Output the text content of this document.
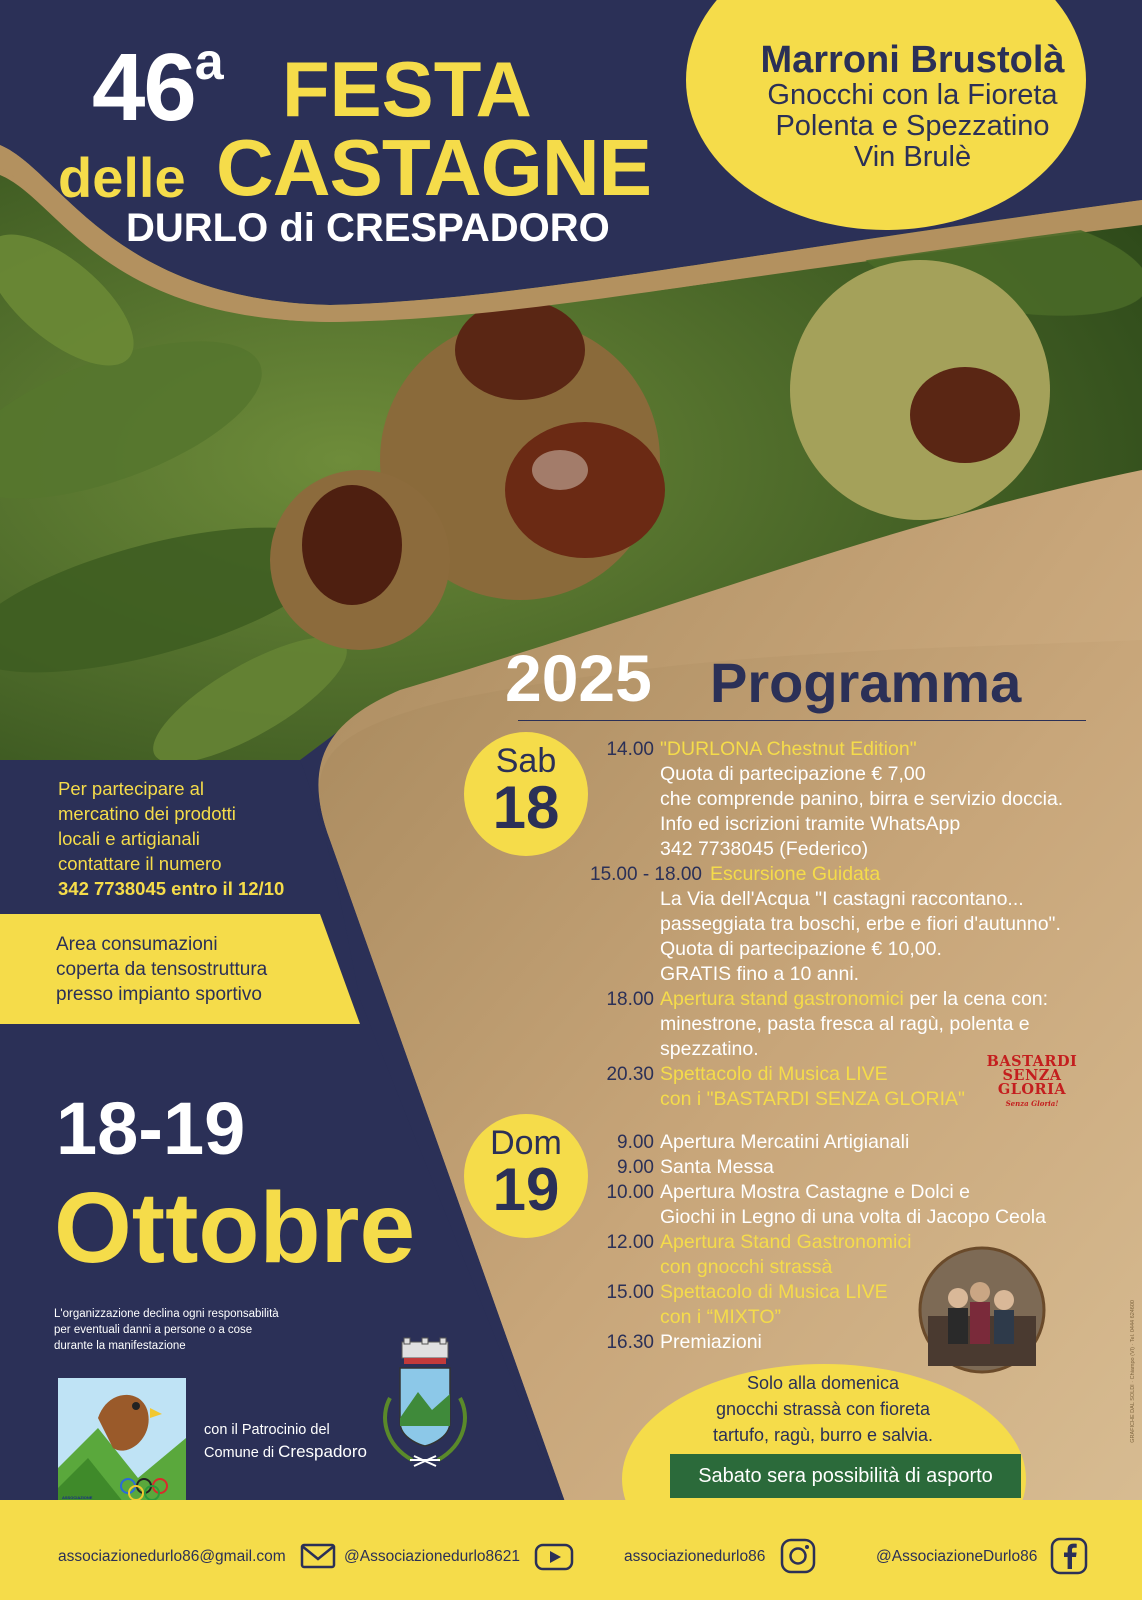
46$^a$ FESTA
delle CASTAGNE
DURLO di CRESPADORO
Marroni Brustolà
Gnocchi con la Fioreta
Polenta e Spezzatino
Vin Brulè
2025 Programma
Sab
18
Dom
19
14.00 "DURLONA Chestnut Edition"
Quota di partecipazione € 7,00
che comprende panino, birra e servizio doccia.
Info ed iscrizioni tramite WhatsApp
342 7738045 (Federico)
15.00 - 18.00 Escursione Guidata
La Via dell'Acqua "I castagni raccontano...
passeggiata tra boschi, erbe e fiori d'autunno".
Quota di partecipazione € 10,00.
GRATIS fino a 10 anni.
18.00 Apertura stand gastronomici per la cena con:
minestrone, pasta fresca al ragù, polenta e
spezzatino.
20.30 Spettacolo di Musica LIVE
con i "BASTARDI SENZA GLORIA"
BASTARDI
SENZA
GLORIA
Senza Gloria!
9.00 Apertura Mercatini Artigianali
9.00 Santa Messa
10.00 Apertura Mostra Castagne e Dolci e
Giochi in Legno di una volta di Jacopo Ceola
12.00 Apertura Stand Gastronomici
con gnocchi strassà
15.00 Spettacolo di Musica LIVE
con i “MIXTO”
16.30 Premiazioni
Per partecipare al
mercatino dei prodotti
locali e artigianali
contattare il numero
342 7738045 entro il 12/10
Area consumazioni
coperta da tensostruttura
presso impianto sportivo
18-19
Ottobre
L'organizzazione declina ogni responsabilità
per eventuali danni a persone o a cose
durante la manifestazione
ASSOCIAZIONE
con il Patrocinio del
Comune di Crespadoro
Solo alla domenica
gnocchi strassà con fioreta
tartufo, ragù, burro e salvia.
Sabato sera possibilità di asporto
associazionedurlo86@gmail.com	@Associazionedurlo8621	associazionedurlo86	@AssociazioneDurlo86
GRAFICHE DAL SOLDI · Chiampo (VI) · Tel. 0444 624600
